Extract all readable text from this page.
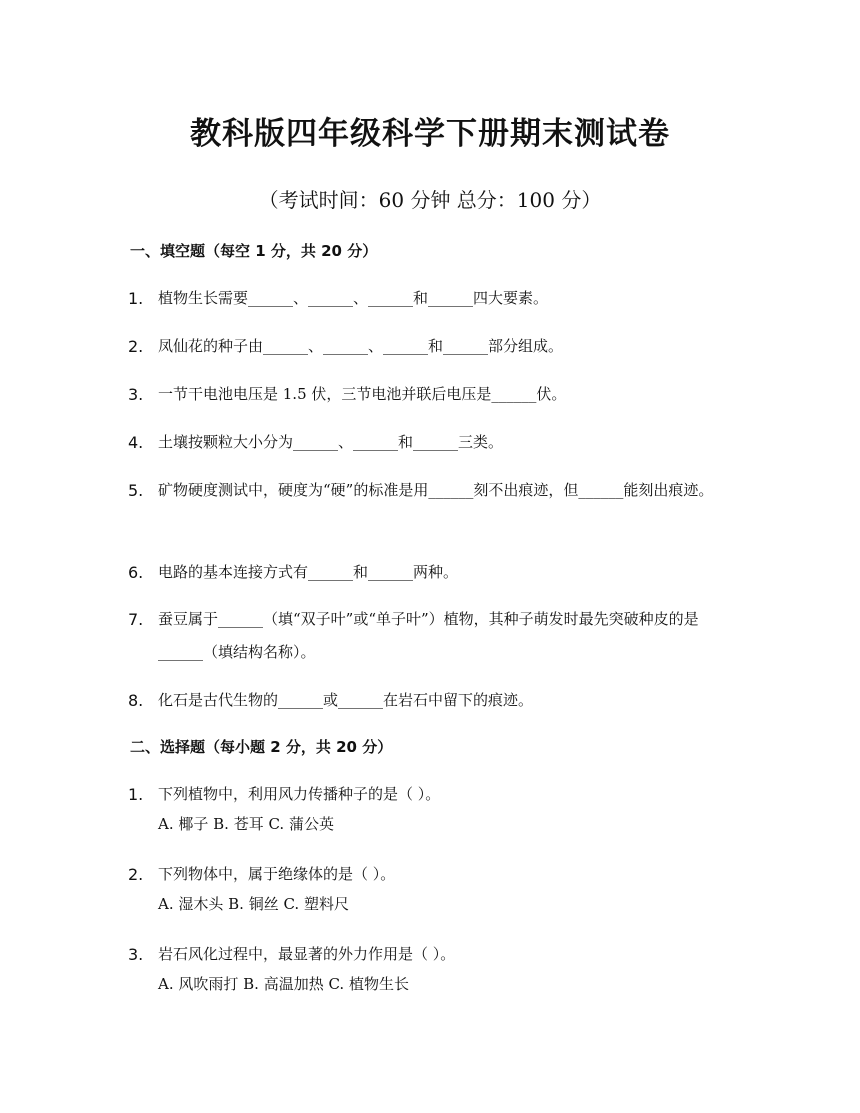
教科版四年级科学下册期末测试卷
（考试时间：60 分钟 总分：100 分）
一、填空题（每空 1 分，共 20 分）
1. 植物生长需要______、______、______和______四大要素。
2. 凤仙花的种子由______、______、______和______部分组成。
3. 一节干电池电压是 1.5 伏，三节电池并联后电压是______伏。
4. 土壤按颗粒大小分为______、______和______三类。
5. 矿物硬度测试中，硬度为“硬”的标准是用______刻不出痕迹，但______能刻出痕迹。
6. 电路的基本连接方式有______和______两种。
7. 蚕豆属于______（填“双子叶”或“单子叶”）植物，其种子萌发时最先突破种皮的是______（填结构名称）。
8. 化石是古代生物的______或______在岩石中留下的痕迹。
二、选择题（每小题 2 分，共 20 分）
1. 下列植物中，利用风力传播种子的是（ ）。
A. 椰子 B. 苍耳 C. 蒲公英
2. 下列物体中，属于绝缘体的是（ ）。
A. 湿木头 B. 铜丝 C. 塑料尺
3. 岩石风化过程中，最显著的外力作用是（ ）。
A. 风吹雨打 B. 高温加热 C. 植物生长
